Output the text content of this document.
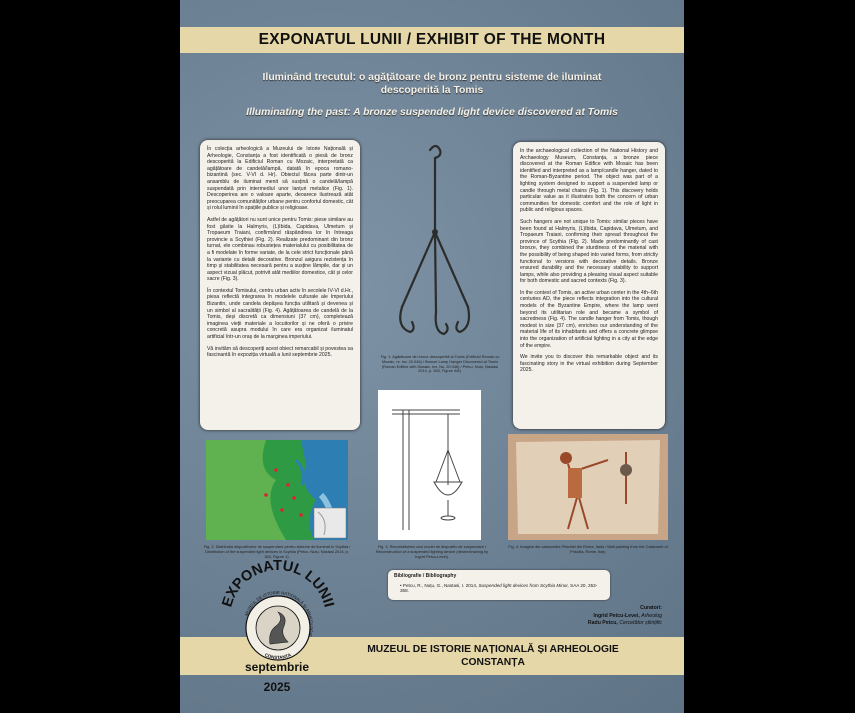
EXPONATUL LUNII / EXHIBIT OF THE MONTH
Iluminând trecutul: o agățătoare de bronz pentru sisteme de iluminat
descoperită la Tomis
Illuminating the past: A bronze suspended light device discovered at Tomis

În colecția arheologică a Muzeului de Istorie Națională și Arheologie, Constanța a fost identificată o piesă de bronz descoperită la Edificiul Roman cu Mozaic, interpretată ca agățătoare de candelă/lampă, datată în epoca romano-bizantină (sec. V-VI d. Hr). Obiectul făcea parte dintr-un ansamblu de iluminat menit să susțină o candelă/lampă suspendată prin intermediul unor lanțuri metalice (Fig. 1). Descoperirea are o valoare aparte, deoarece ilustrează atât preocuparea comunităților urbane pentru confortul domestic, cât și rolul luminii în spațiile publice și religioase.

Astfel de agățători nu sunt unice pentru Tomis: piese similare au fost găsite la Halmyris, (L)Ibida, Capidava, Ulmetum și Tropaeum Traiani, confirmând răspândirea lor în întreaga provincie a Scythiei (Fig. 2). Realizate predominant din bronz turnat, ele combinau robustețea materialului cu posibilitatea de a fi modelate în forme variate, de la cele strict funcționale până la variante cu detalii decorative. Bronzul asigura rezistența în timp și stabilitatea necesară pentru a susține lămpile, dar și un aspect vizual plăcut, potrivit atât mediilor domestice, cât și celor sacre (Fig. 3).

În contextul Tomisului, centru urban activ în secolele IV-VI d.Hr., piesa reflectă integrarea în modelele culturale ale Imperiului Bizantin, unde candela depășea funcția utilitară și devenea și un simbol al sacralității (Fig. 4). Agățătoarea de candelă de la Tomis, deși discretă ca dimensiuni (37 cm), completează imaginea vieții materiale a locuitorilor și ne oferă o privire concretă asupra modului în care era organizat iluminatul artificial într-un oraș de la marginea imperiului.

Vă invităm să descoperiți acest obiect remarcabil și povestea sa fascinantă în expoziția virtuală a lunii septembrie 2025.

In the archaeological collection of the National History and Archaeology Museum, Constanța, a bronze piece discovered at the Roman Edifice with Mosaic has been identified and interpreted as a lamp/candle hanger, dated to the Roman-Byzantine period. The object was part of a lighting system designed to support a suspended lamp or candle through metal chains (Fig. 1). This discovery holds particular value as it illustrates both the concern of urban communities for domestic comfort and the role of light in public and religious spaces.

Such hangers are not unique to Tomis: similar pieces have been found at Halmyris, (L)Ibida, Capidava, Ulmetum, and Tropaeum Traiani, confirming their spread throughout the province of Scythia (Fig. 2). Made predominantly of cast bronze, they combined the sturdiness of the material with the possibility of being shaped into varied forms, from strictly functional to versions with decorative details. Bronze ensured durability and the necessary stability to support lamps, while also providing a pleasing visual aspect suitable for both domestic and sacred contexts (Fig. 3).

In the context of Tomis, an active urban center in the 4th–6th centuries AD, the piece reflects integration into the cultural models of the Byzantine Empire, where the lamp went beyond its utilitarian role and became a symbol of sacredness (Fig. 4). The candle hanger from Tomis, though modest in size (37 cm), enriches our understanding of the material life of its inhabitants and offers a concrete glimpse into the organization of artificial lighting in a city at the edge of the empire.

We invite you to discover this remarkable object and its fascinating story in the virtual exhibition during September 2025.

Fig. 1. Agățătoare din bronz descoperită la Tomis (Edificiul Roman cu Mozaic, nr. inv. 20.046) / Bronze Lamp Hanger Discovered at Tomis (Roman Edifice with Mosaic, Inv. No. 20.046) / Petcu, Nuțu, Nastasi 2014, p. 363, Figure 4/8).
Fig. 3. Reconstituirea unui model de dispozitiv de suspendare / Reconstruction of a suspended lighting device (desen/drawing by Ingrid Petcu-Levei).
Fig. 2. Distribuția dispozitivelor de suspendare pentru sisteme de iluminat în Scythia / Distribution of the suspended light devices in Scythia (Petcu, Nuțu, Nastasi 2014, p. 363, Figure 1).
Fig. 4. Imagine din catacomba Priscillei din Roma, Italia / Wall painting from the Catacomb of Priscilla, Rome, Italy.
Bibliografie / Bibliography
• Petcu, R., Nuțu, G., Nastasi, I. 2014, Suspended light devices from Scythia Minor, SAA 20, 353-368.
Curatori:
Ingrid Petcu-Levei, Arheolog
Radu Petcu, Cercetător științific
MUZEUL DE ISTORIE NAȚIONALĂ ȘI ARHEOLOGIE
CONSTANȚA
EXPONATUL LUNII
MUZEUL DE ISTORIE NAȚIONALĂ ȘI ARHEOLOGIE
CONSTANȚA
septembrie
2025
